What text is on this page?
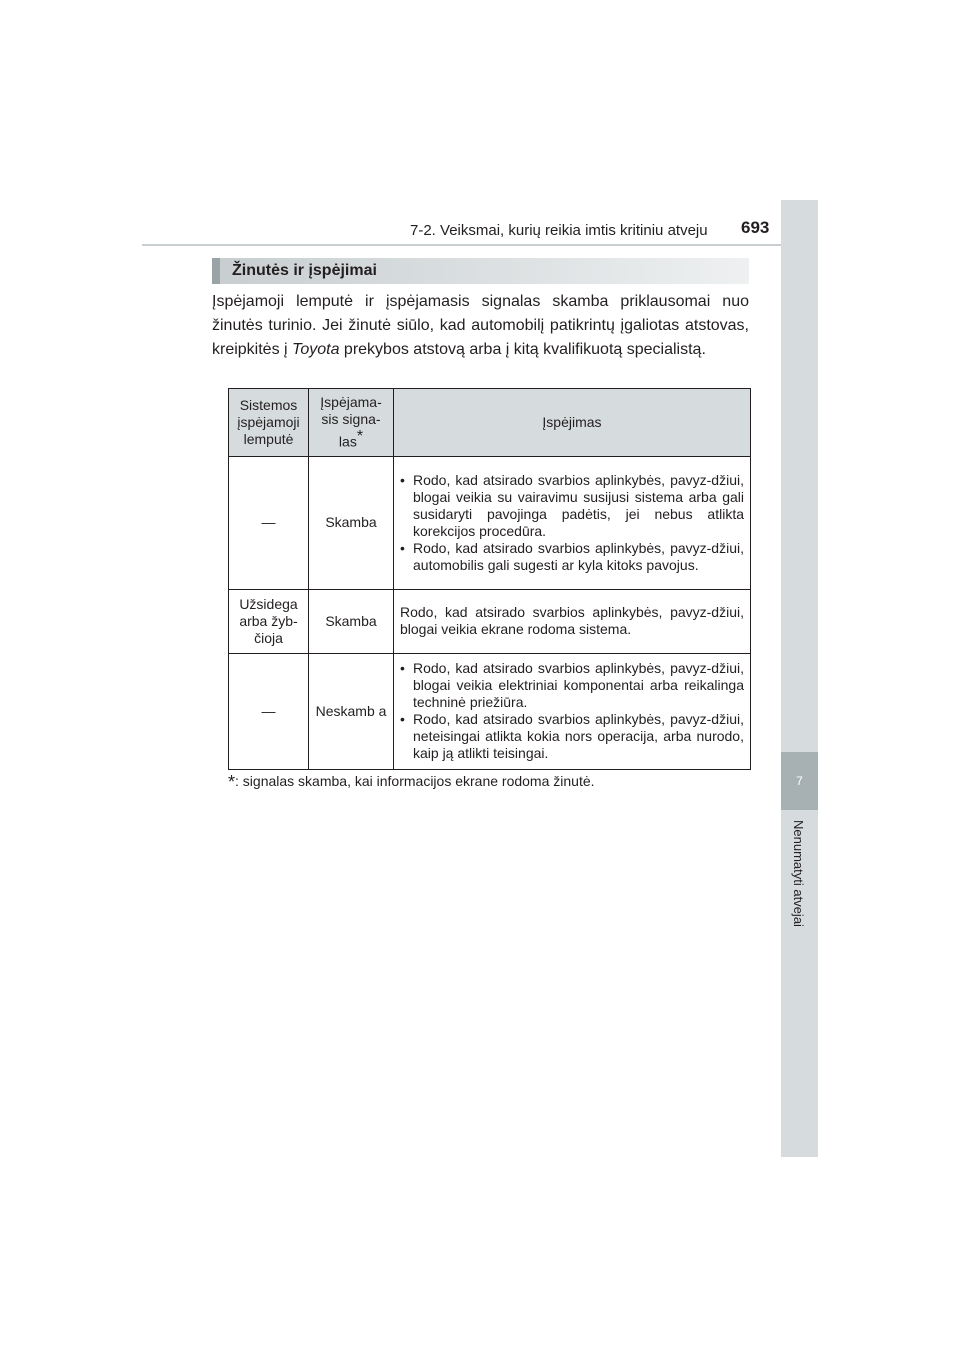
7-2. Veiksmai, kurių reikia imtis kritiniu atveju 693
7
Nenumatyti atvejai
Žinutės ir įspėjimai

Įspėjamoji lemputė ir įspėjamasis signalas skamba priklausomai nuo žinutės turinio. Jei žinutė siūlo, kad automobilį patikrintų įgaliotas atstovas, kreipkitės į Toyota prekybos atstovą arba į kitą kvalifikuotą specialistą.

Sistemos įspėjamoji lemputė	Įspėjama-sis signa-las*	Įspėjimas
—	Skamba	• Rodo, kad atsirado svarbios aplinkybės, pavyz-džiui, blogai veikia su vairavimu susijusi sistema arba gali susidaryti pavojinga padėtis, jei nebus atlikta korekcijos procedūra.
• Rodo, kad atsirado svarbios aplinkybės, pavyz-džiui, automobilis gali sugesti ar kyla kitoks pavojus.

Užsidega arba žyb-čioja	Skamba	Rodo, kad atsirado svarbios aplinkybės, pavyz-džiui, blogai veikia ekrane rodoma sistema.
—	Neskamb a	• Rodo, kad atsirado svarbios aplinkybės, pavyz-džiui, blogai veikia elektriniai komponentai arba reikalinga techninė priežiūra.
• Rodo, kad atsirado svarbios aplinkybės, pavyz-džiui, neteisingai atlikta kokia nors operacija, arba nurodo, kaip ją atlikti teisingai.
*: signalas skamba, kai informacijos ekrane rodoma žinutė.
